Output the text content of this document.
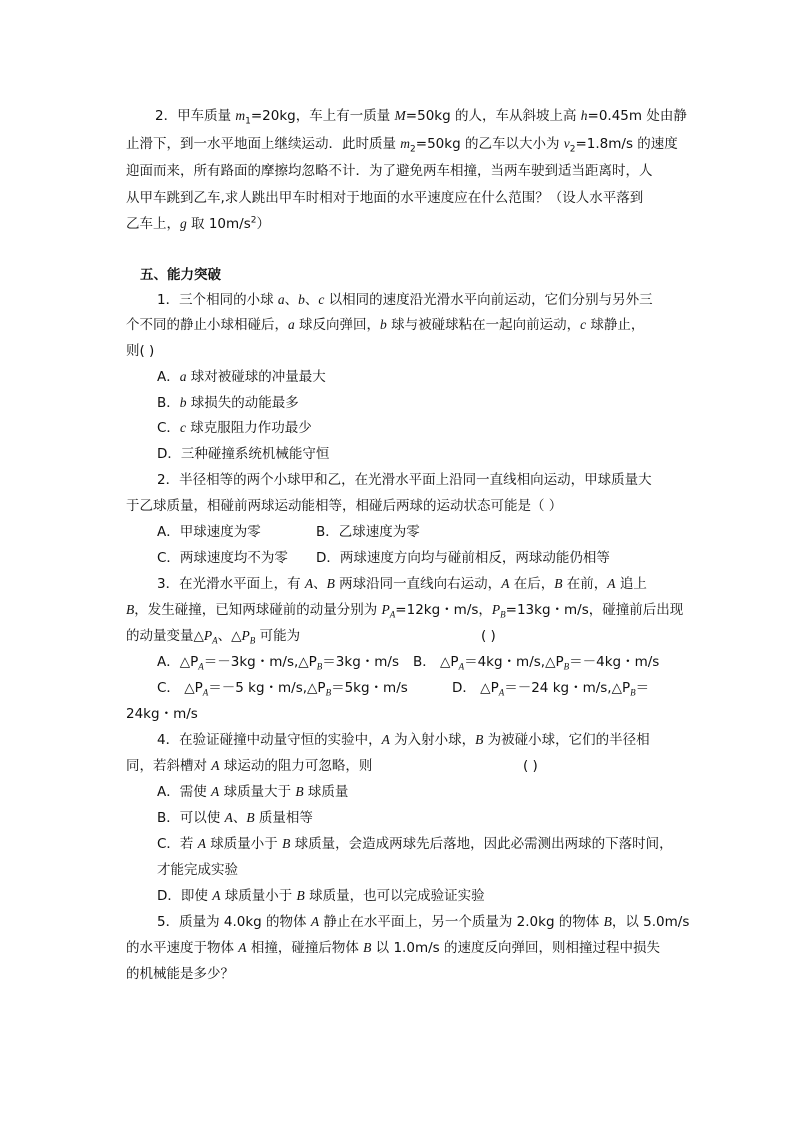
2．甲车质量 $m_1=20kg$，车上有一质量 M=50kg 的人，车从斜坡上高 h=0.45m 处由静
止滑下，到一水平地面上继续运动．此时质量 $m_2=50kg$ 的乙车以大小为 $v_2=1.8m/s$ 的速度
迎面而来，所有路面的摩擦均忽略不计．为了避免两车相撞，当两车驶到适当距离时，人
从甲车跳到乙车,求人跳出甲车时相对于地面的水平速度应在什么范围？（设人水平落到
乙车上，g 取 $10m/s^2$）
五、能力突破
1．三个相同的小球 a、b、c 以相同的速度沿光滑水平向前运动，它们分别与另外三
个不同的静止小球相碰后，a 球反向弹回，b 球与被碰球粘在一起向前运动，c 球静止，
则( )
A．a 球对被碰球的冲量最大
B．b 球损失的动能最多
C．c 球克服阻力作功最少
D．三种碰撞系统机械能守恒
2．半径相等的两个小球甲和乙，在光滑水平面上沿同一直线相向运动，甲球质量大
于乙球质量，相碰前两球运动能相等，相碰后两球的运动状态可能是（ ）
A．甲球速度为零	B．乙球速度为零
C．两球速度均不为零 D．两球速度方向均与碰前相反，两球动能仍相等
3．在光滑水平面上，有 A、B 两球沿同一直线向右运动，A 在后，B 在前，A 追上
B，发生碰撞，已知两球碰前的动量分别为 $P_A=12kg$・m/s，$P_B=13kg$・m/s，碰撞前后出现
的动量变量$\triangle P_A$、$\triangle P_B$ 可能为	( )
A．$\triangle P_A=-3kg$・$m/s,\triangle P_B=3kg$・m/s B． $\triangle P_A=4kg$・$m/s,\triangle P_B=-4kg$・m/s
C． $\triangle P_A=-5$ kg・$m/s,\triangle P_B=5kg$・m/s	D． $\triangle P_A=-24$ kg・$m/s,\triangle P_B=$
24kg・m/s
4．在验证碰撞中动量守恒的实验中，A 为入射小球，B 为被碰小球，它们的半径相
同，若斜槽对 A 球运动的阻力可忽略，则	( )
A．需使 A 球质量大于 B 球质量
B．可以使 A、B 质量相等
C．若 A 球质量小于 B 球质量，会造成两球先后落地，因此必需测出两球的下落时间，
才能完成实验
D．即使 A 球质量小于 B 球质量，也可以完成验证实验
5．质量为 4.0kg 的物体 A 静止在水平面上，另一个质量为 2.0kg 的物体 B，以 5.0m/s
的水平速度于物体 A 相撞，碰撞后物体 B 以 1.0m/s 的速度反向弹回，则相撞过程中损失
的机械能是多少？
